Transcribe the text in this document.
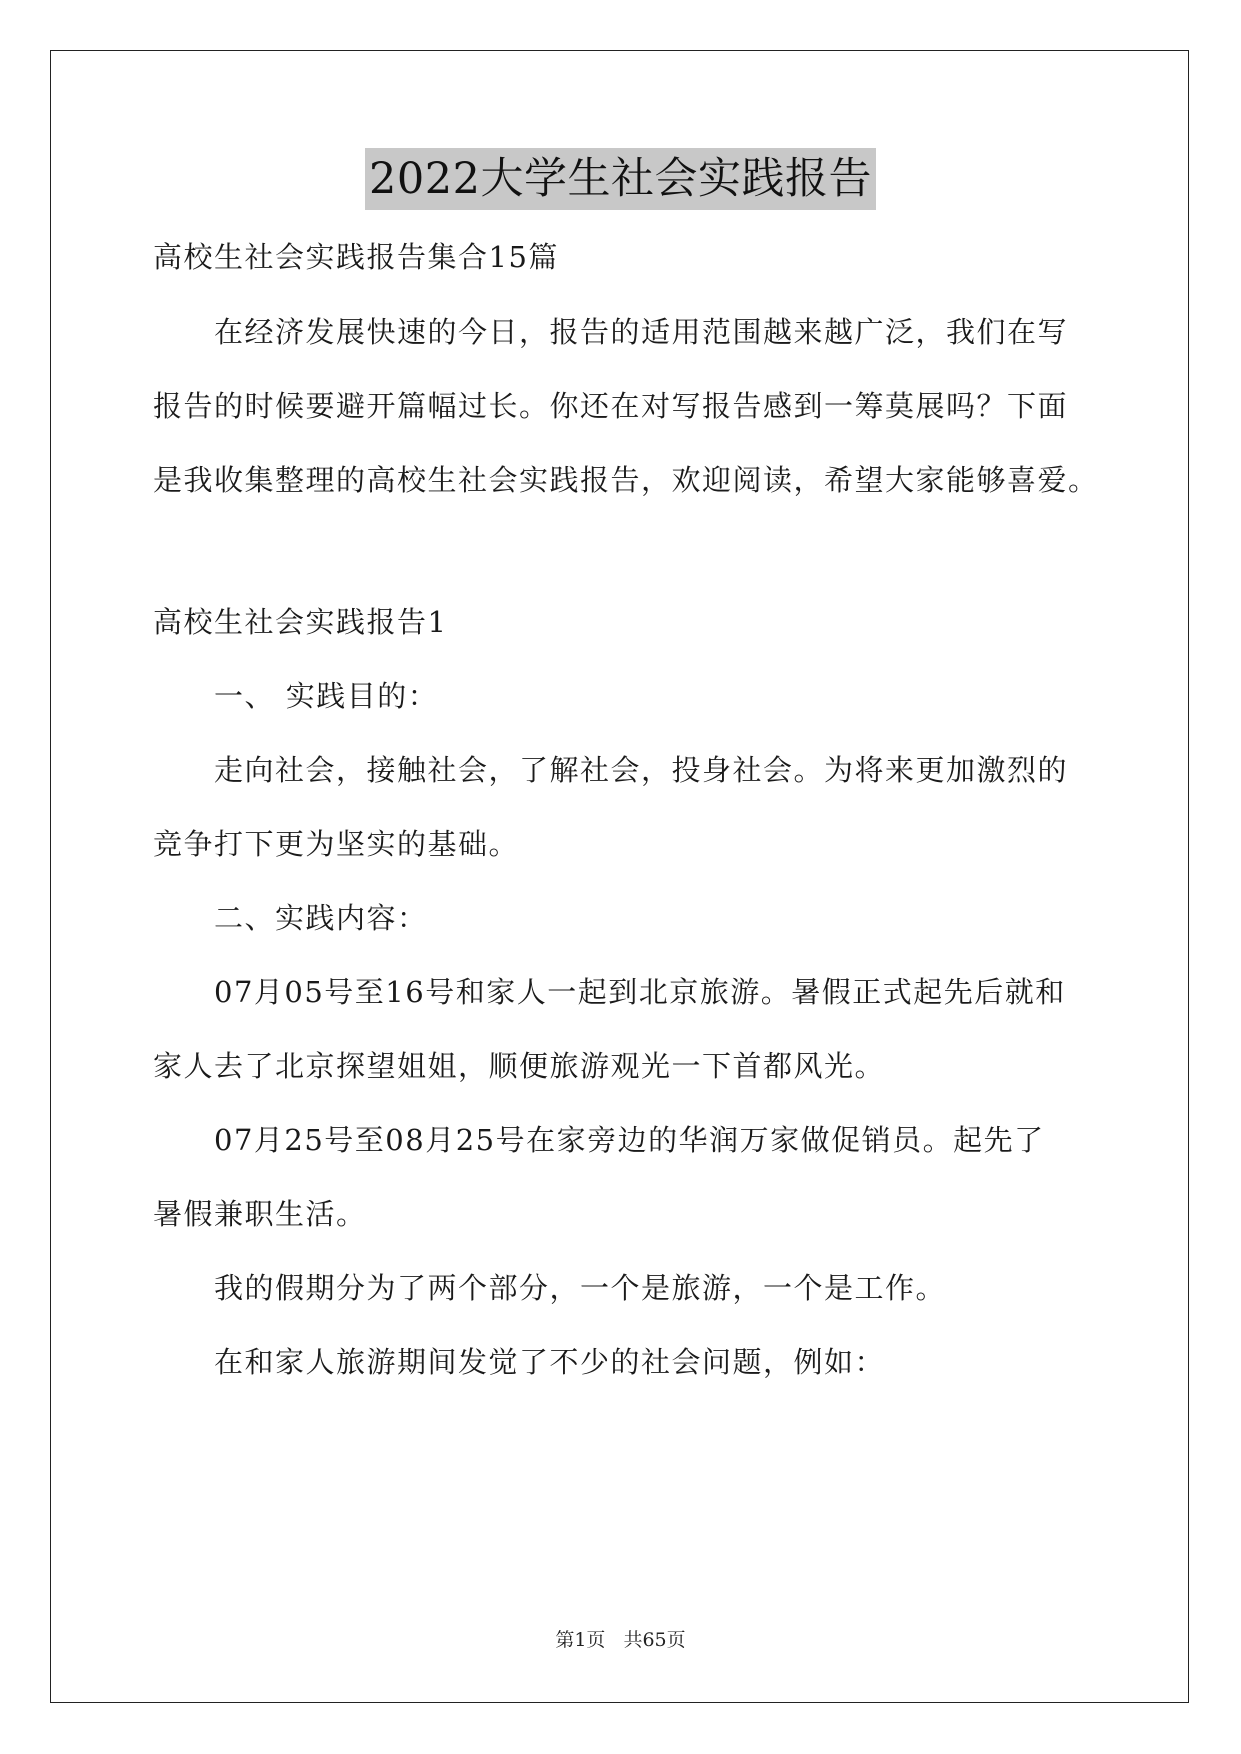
2022大学生社会实践报告
高校生社会实践报告集合15篇
在经济发展快速的今日，报告的适用范围越来越广泛，我们在写
报告的时候要避开篇幅过长。你还在对写报告感到一筹莫展吗？下面
是我收集整理的高校生社会实践报告，欢迎阅读，希望大家能够喜爱。
高校生社会实践报告1
一、 实践目的：
走向社会，接触社会，了解社会，投身社会。为将来更加激烈的
竞争打下更为坚实的基础。
二、实践内容：
07月05号至16号和家人一起到北京旅游。暑假正式起先后就和
家人去了北京探望姐姐，顺便旅游观光一下首都风光。
07月25号至08月25号在家旁边的华润万家做促销员。起先了
暑假兼职生活。
我的假期分为了两个部分，一个是旅游，一个是工作。
在和家人旅游期间发觉了不少的社会问题，例如：
第1页 共65页
